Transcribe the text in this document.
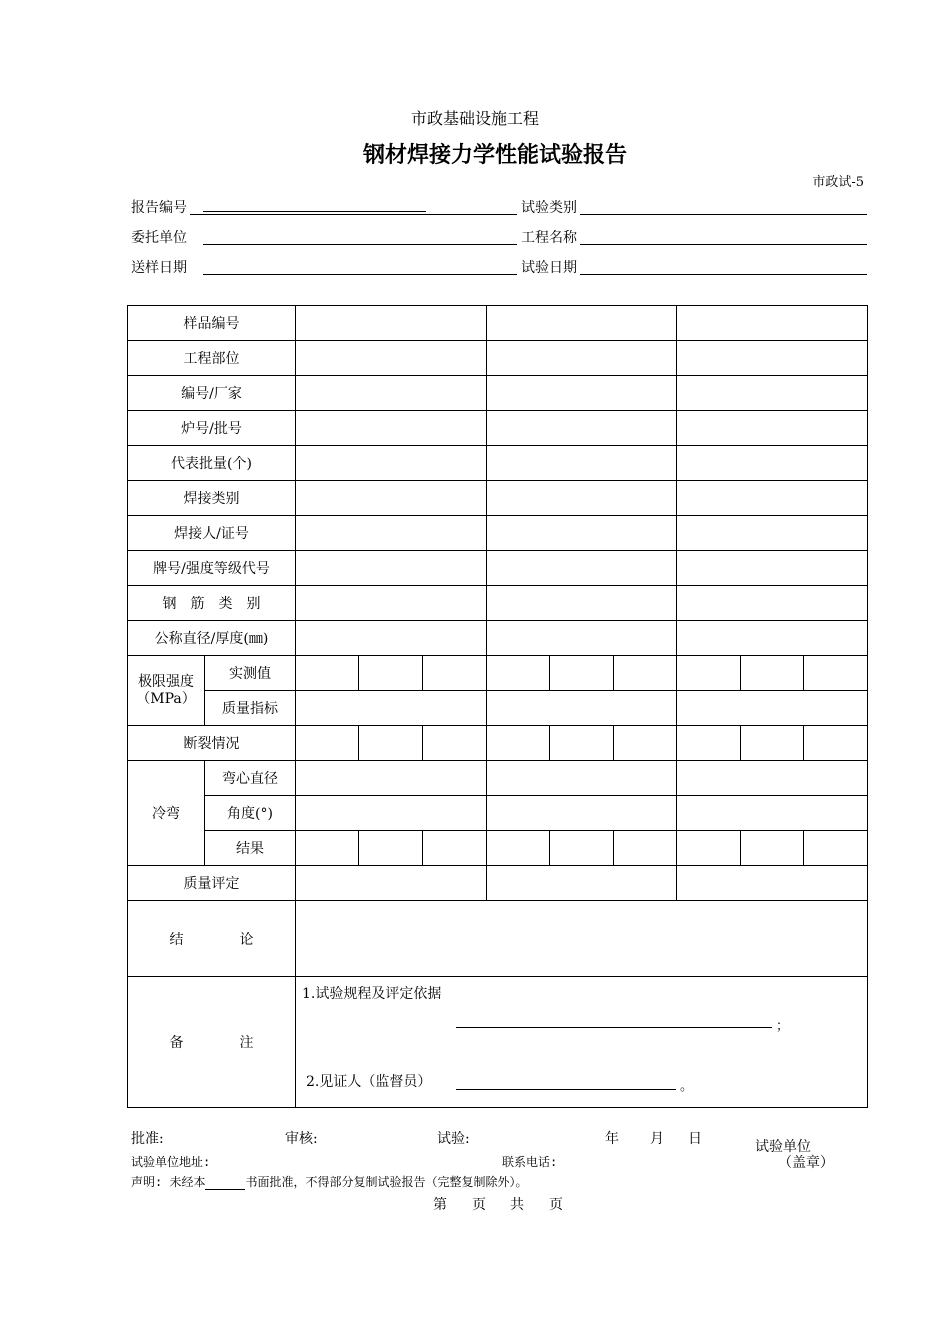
市政基础设施工程
钢材焊接力学性能试验报告
市政试-5
报告编号	试验类别
委托单位	工程名称
送样日期	试验日期
样品编号										
工程部位										
编号/厂家										
炉号/批号										
代表批量(个)										
焊接类别										
焊接人/证号										
牌号/强度等级代号										
钢　筋　类　别										
公称直径/厚度(㎜)										
极限强度（MPa）	实测值									
	质量指标									
断裂情况										
冷弯	弯心直径									
	角度(°)									
	结果									
质量评定										
结　　　　论										
备　　　　注		1.试验规程及评定依据
；
2.见证人（监督员） 。								
批准:	审核:	试验:	年 月 日	试验单位
（盖章）
试验单位地址:	联系电话:
声明: 未经本	书面批准，不得部分复制试验报告（完整复制除外）。
第 页 共 页
